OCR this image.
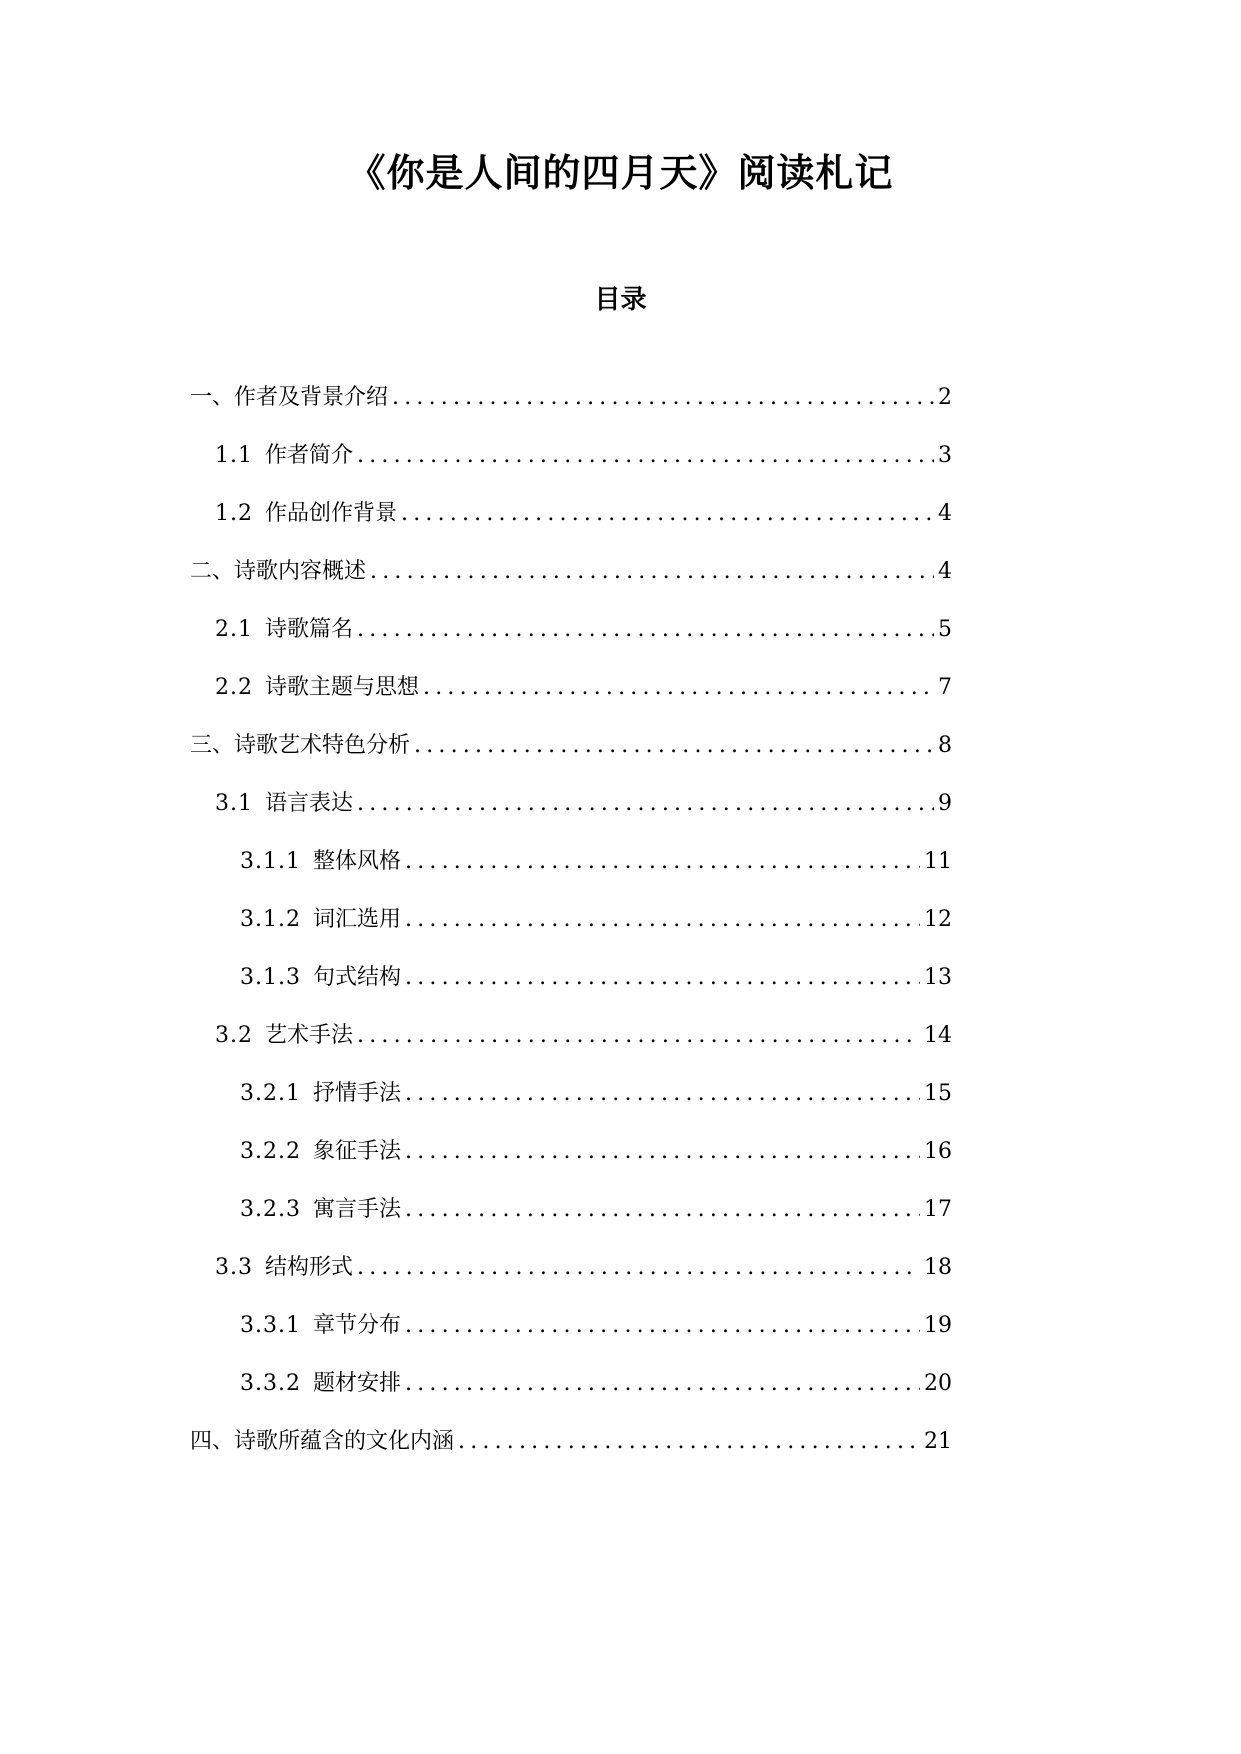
《你是人间的四月天》阅读札记
目录
一、作者及背景介绍 .....	2
1.1 作者简介 .....	3
1.2 作品创作背景 .....	4
二、诗歌内容概述 .....	4
2.1 诗歌篇名 .....	5
2.2 诗歌主题与思想 .....	7
三、诗歌艺术特色分析 .....	8
3.1 语言表达 .....	9
3.1.1 整体风格 .....	11
3.1.2 词汇选用 .....	12
3.1.3 句式结构 .....	13
3.2 艺术手法 .....	14
3.2.1 抒情手法 .....	15
3.2.2 象征手法 .....	16
3.2.3 寓言手法 .....	17
3.3 结构形式 .....	18
3.3.1 章节分布 .....	19
3.3.2 题材安排 .....	20
四、诗歌所蕴含的文化内涵 .....	21
